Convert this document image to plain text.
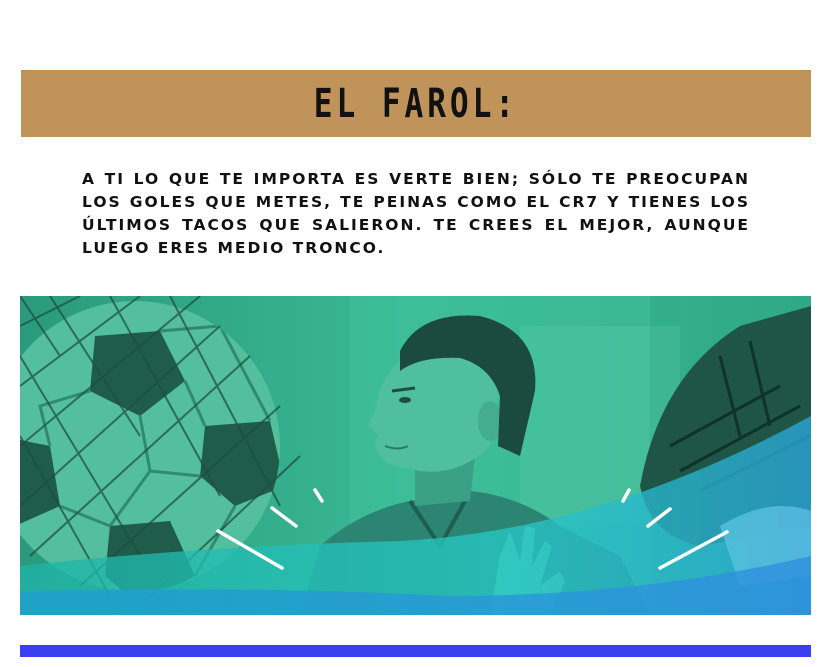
EL FAROL:

A TI LO QUE TE IMPORTA ES VERTE BIEN; SÓLO TE PREOCUPAN LOS GOLES QUE METES, TE PEINAS COMO EL CR7 Y TIENES LOS ÚLTIMOS TACOS QUE SALIERON. TE CREES EL MEJOR, AUNQUE LUEGO ERES MEDIO TRONCO.
